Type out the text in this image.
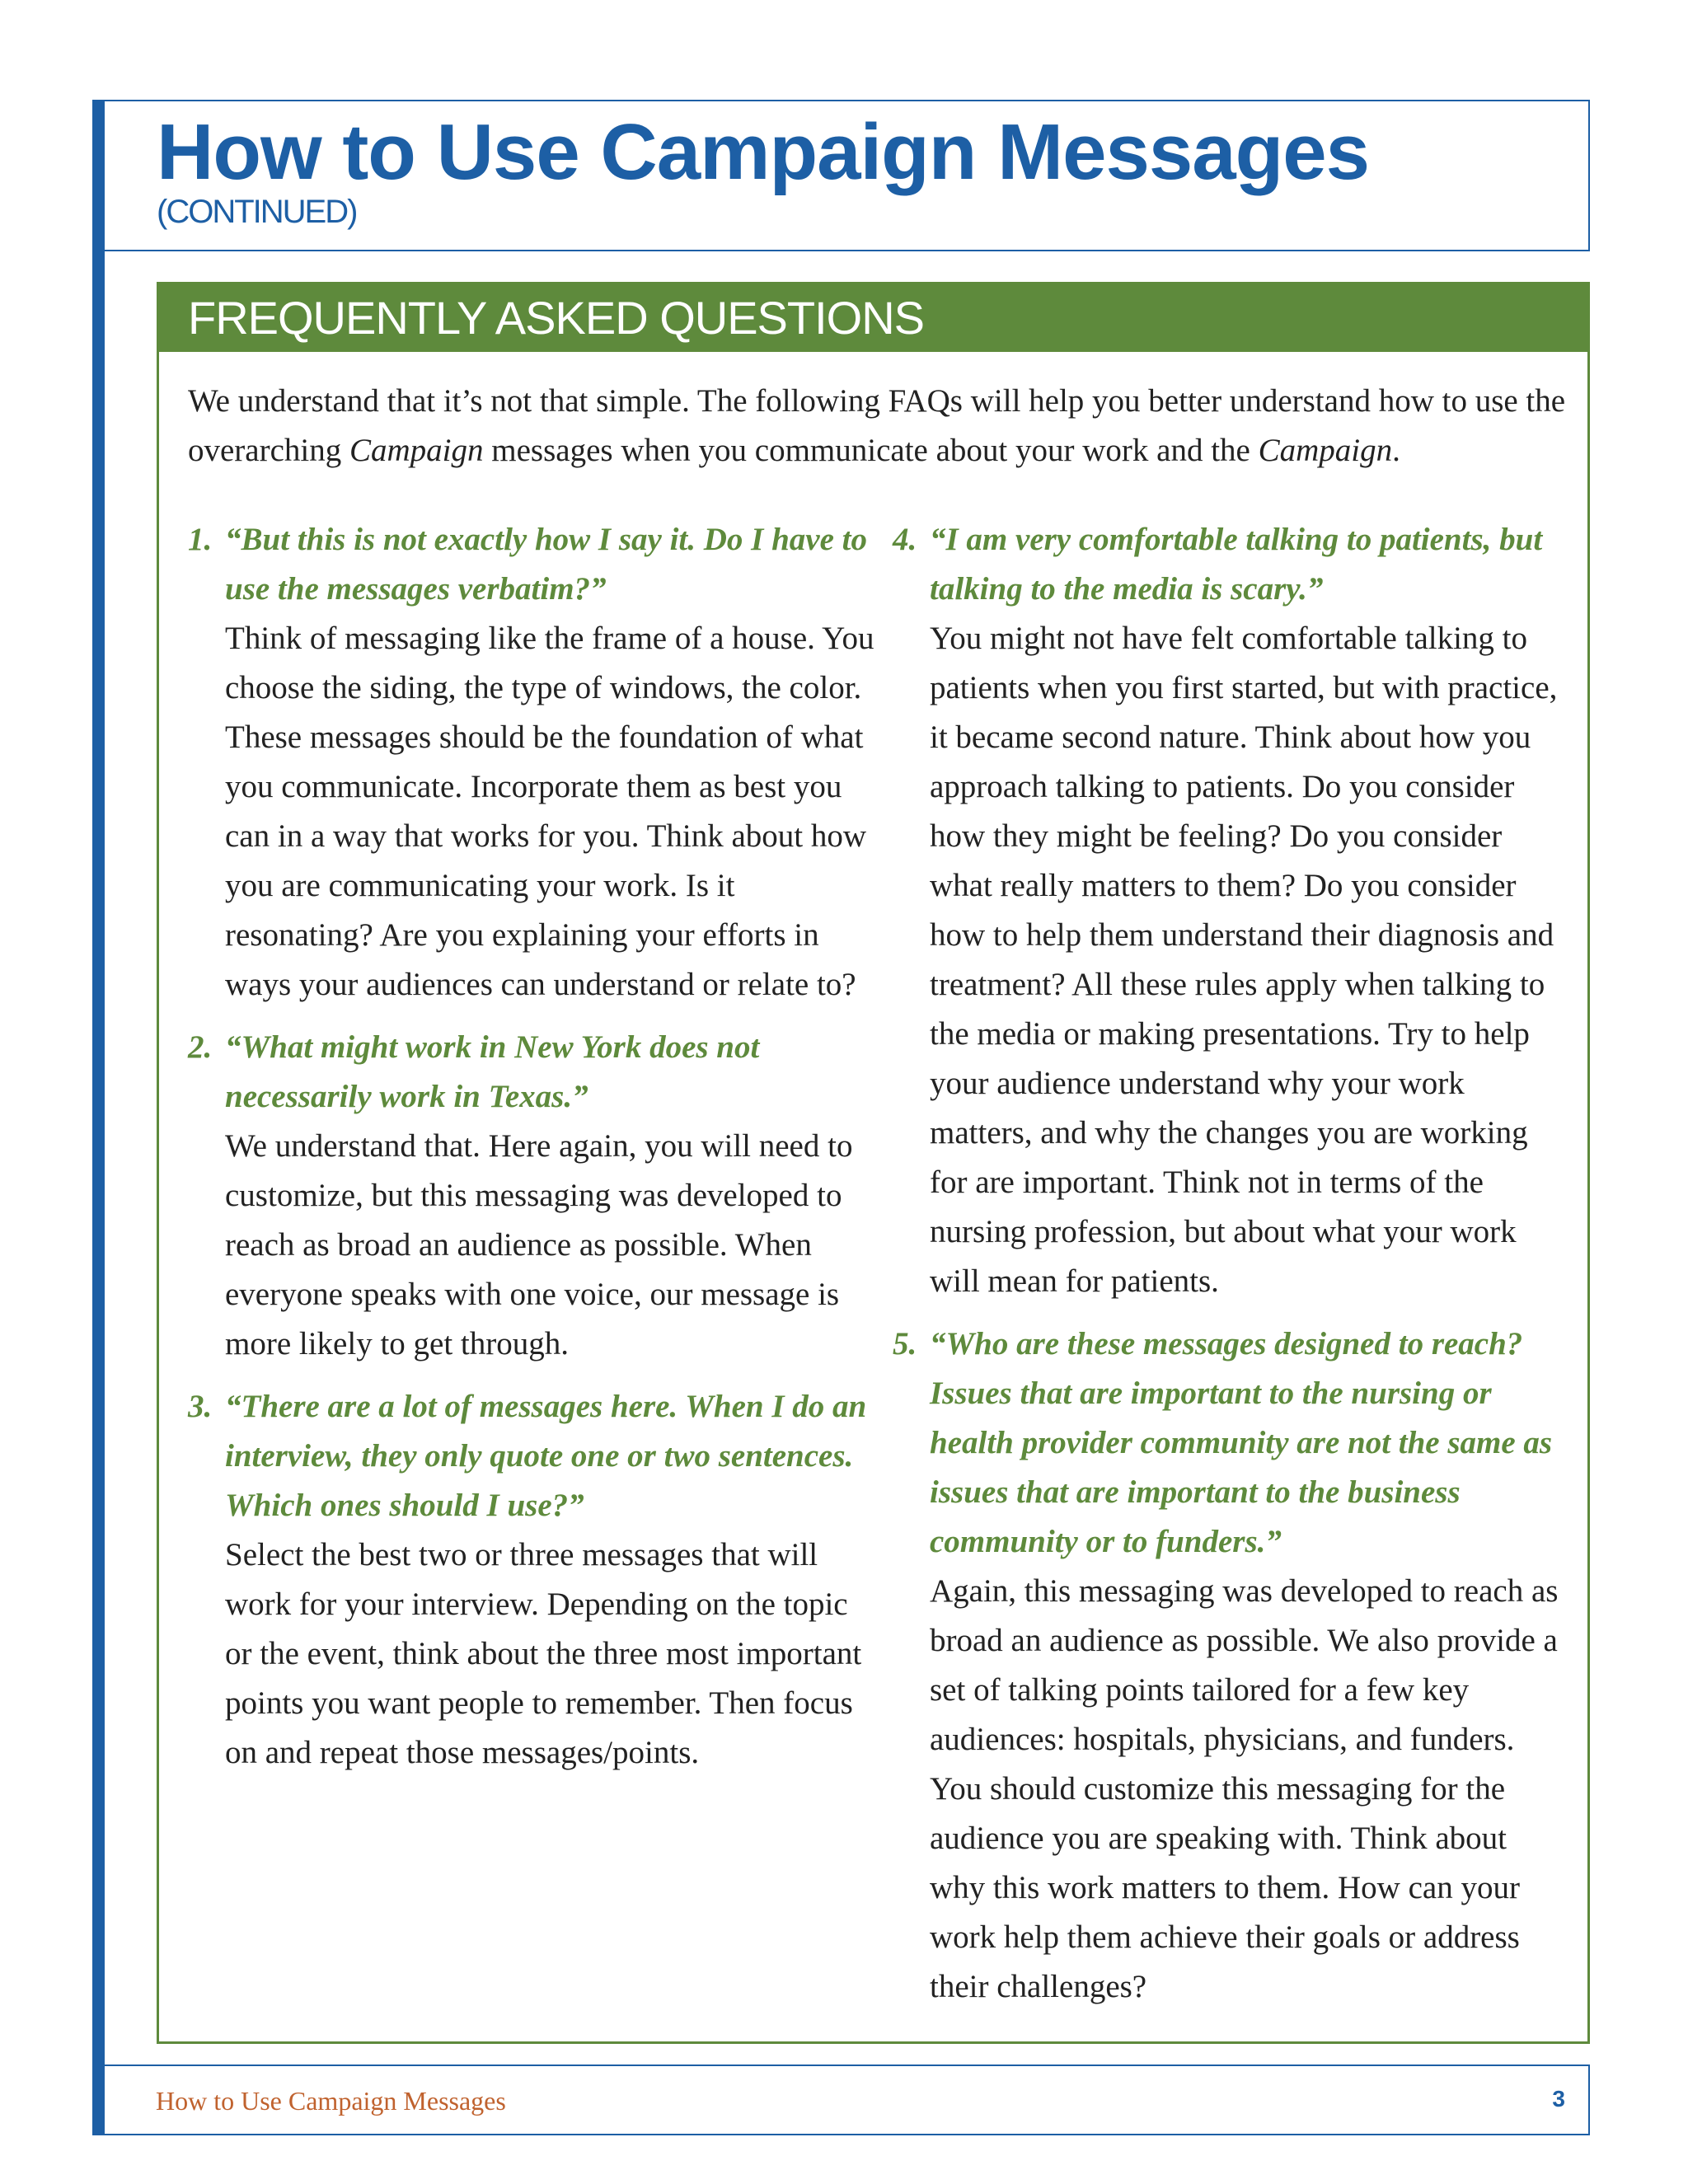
How to Use Campaign Messages
(CONTINUED)
FREQUENTLY ASKED QUESTIONS

We understand that it’s not that simple. The following FAQs will help you better understand how to use the overarching Campaign messages when you communicate about your work and the Campaign.

1. “But this is not exactly how I say it. Do I have to use the messages verbatim?”

Think of messaging like the frame of a house. You choose the siding, the type of windows, the color. These messages should be the foundation of what you communicate. Incorporate them as best you can in a way that works for you. Think about how you are communicating your work. Is it resonating? Are you explaining your efforts in ways your audiences can understand or relate to?

2. “What might work in New York does not necessarily work in Texas.”

We understand that. Here again, you will need to customize, but this messaging was developed to reach as broad an audience as possible. When everyone speaks with one voice, our message is more likely to get through.

3. “There are a lot of messages here. When I do an interview, they only quote one or two sentences. Which ones should I use?”

Select the best two or three messages that will work for your interview. Depending on the topic or the event, think about the three most important points you want people to remember. Then focus on and repeat those messages/points.

4. “I am very comfortable talking to patients, but talking to the media is scary.”

You might not have felt comfortable talking to patients when you first started, but with practice, it became second nature. Think about how you approach talking to patients. Do you consider how they might be feeling? Do you consider what really matters to them? Do you consider how to help them understand their diagnosis and treatment? All these rules apply when talking to the media or making presentations. Try to help your audience understand why your work matters, and why the changes you are working for are important. Think not in terms of the nursing profession, but about what your work will mean for patients.

5. “Who are these messages designed to reach? Issues that are important to the nursing or health provider community are not the same as issues that are important to the business community or to funders.”

Again, this messaging was developed to reach as broad an audience as possible. We also provide a set of talking points tailored for a few key audiences: hospitals, physicians, and funders. You should customize this messaging for the audience you are speaking with. Think about why this work matters to them. How can your work help them achieve their goals or address their challenges?

How to Use Campaign Messages	3
